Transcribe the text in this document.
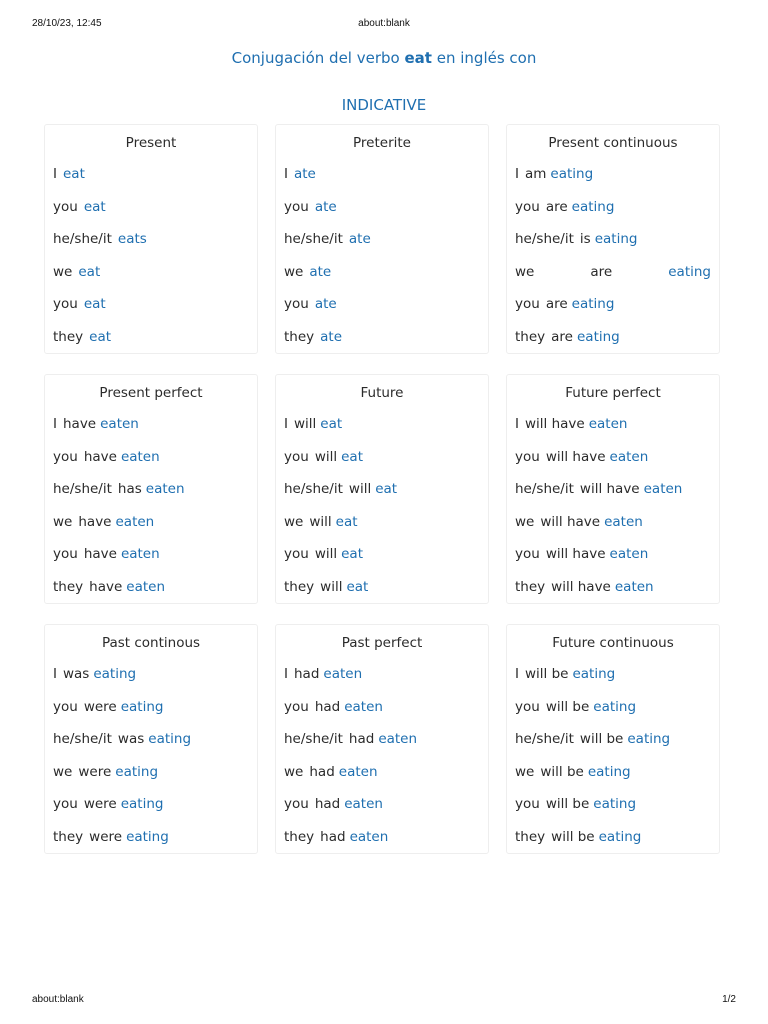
28/10/23, 12:45	about:blank
Conjugación del verbo eat en inglés con
INDICATIVE
Present
I eat
you eat
he/she/it eats
we eat
you eat
they eat
Preterite
I ate
you ate
he/she/it ate
we ate
you ate
they ate
Present continuous
I am eating
you are eating
he/she/it is eating
we	are	eating
you are eating
they are eating
Present perfect
I have eaten
you have eaten
he/she/it has eaten
we have eaten
you have eaten
they have eaten
Future
I will eat
you will eat
he/she/it will eat
we will eat
you will eat
they will eat
Future perfect
I will have eaten
you will have eaten
he/she/it will have eaten
we will have eaten
you will have eaten
they will have eaten
Past continous
I was eating
you were eating
he/she/it was eating
we were eating
you were eating
they were eating
Past perfect
I had eaten
you had eaten
he/she/it had eaten
we had eaten
you had eaten
they had eaten
Future continuous
I will be eating
you will be eating
he/she/it will be eating
we will be eating
you will be eating
they will be eating
about:blank	1/2
